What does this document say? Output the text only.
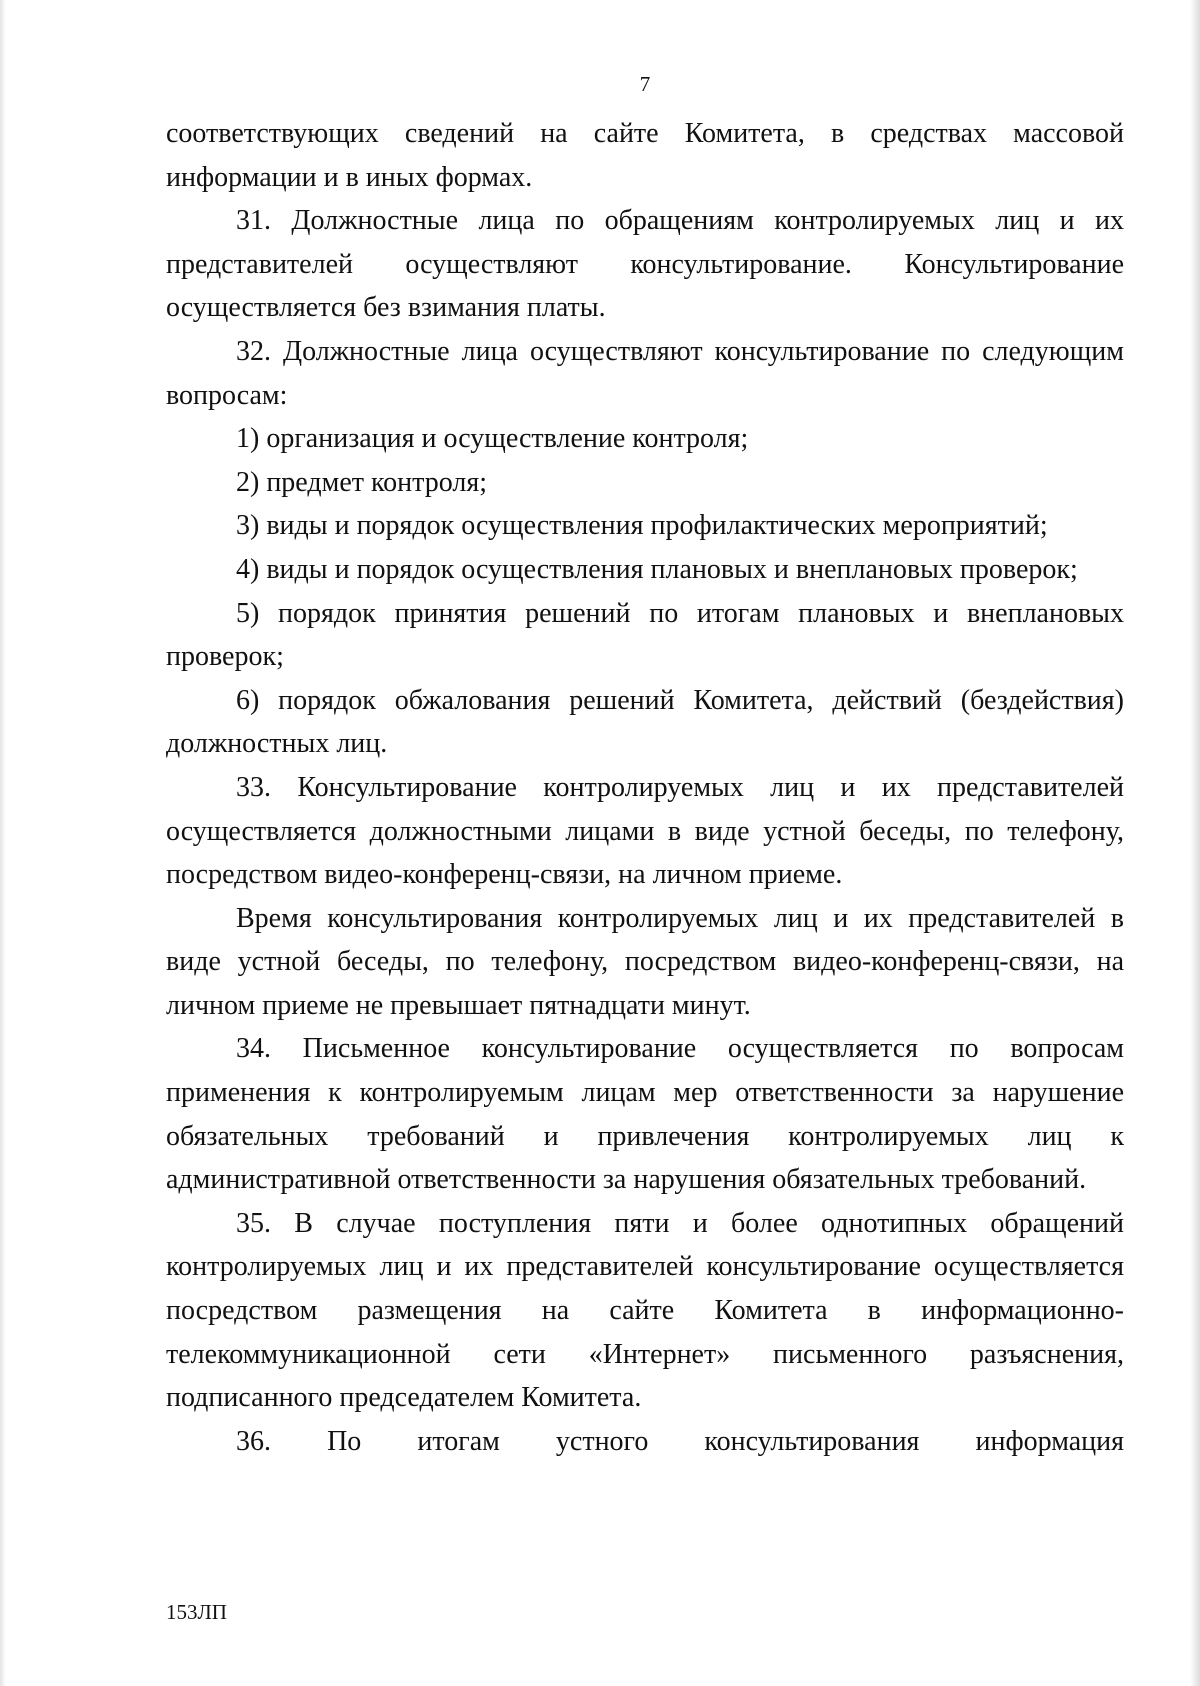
7

соответствующих сведений на сайте Комитета, в средствах массовой информации и в иных формах.

31. Должностные лица по обращениям контролируемых лиц и их представителей осуществляют консультирование. Консультирование осуществляется без взимания платы.

32. Должностные лица осуществляют консультирование по следующим вопросам:

1) организация и осуществление контроля;

2) предмет контроля;

3) виды и порядок осуществления профилактических мероприятий;

4) виды и порядок осуществления плановых и внеплановых проверок;

5) порядок принятия решений по итогам плановых и внеплановых проверок;

6) порядок обжалования решений Комитета, действий (бездействия) должностных лиц.

33. Консультирование контролируемых лиц и их представителей осуществляется должностными лицами в виде устной беседы, по телефону, посредством видео-конференц-связи, на личном приеме.

Время консультирования контролируемых лиц и их представителей в виде устной беседы, по телефону, посредством видео-конференц-связи, на личном приеме не превышает пятнадцати минут.

34. Письменное консультирование осуществляется по вопросам применения к контролируемым лицам мер ответственности за нарушение обязательных требований и привлечения контролируемых лиц к административной ответственности за нарушения обязательных требований.

35. В случае поступления пяти и более однотипных обращений контролируемых лиц и их представителей консультирование осуществляется посредством размещения на сайте Комитета в информационно-телекоммуникационной сети «Интернет» письменного разъяснения, подписанного председателем Комитета.

36. По итогам устного консультирования информация

153ЛП
